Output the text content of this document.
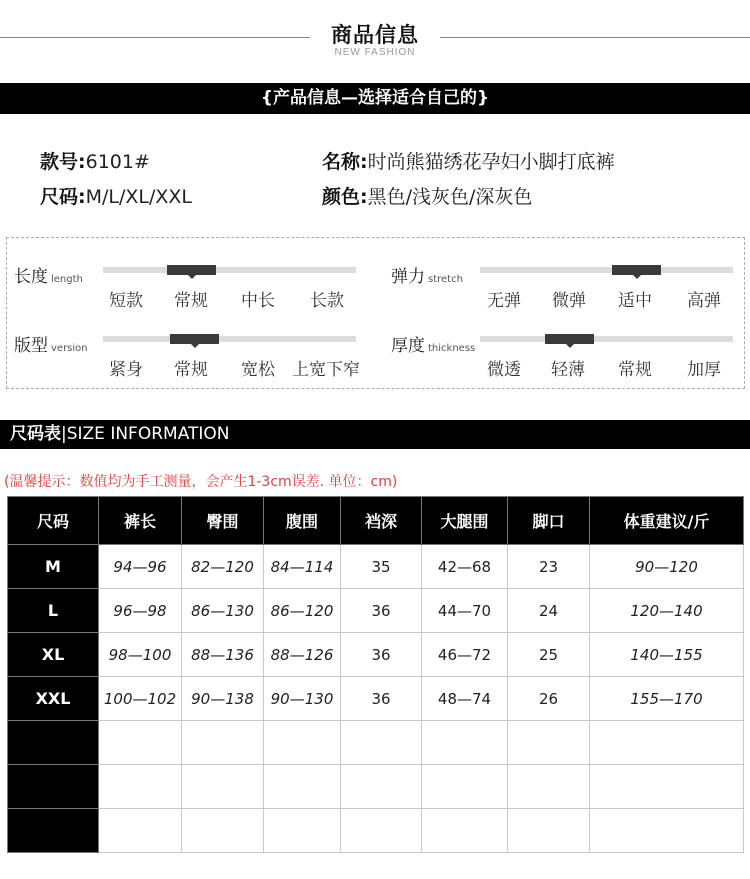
商品信息
NEW FASHION
{产品信息—选择适合自己的}
款号:6101#	名称:时尚熊猫绣花孕妇小脚打底裤
尺码:M/L/XL/XXL	颜色:黑色/浅灰色/深灰色
长度 length
短款 常规 中长 长款
弹力 stretch
无弹 微弹 适中 高弹
版型 version
紧身 常规 宽松 上宽下窄
厚度 thickness
微透 轻薄 常规 加厚
尺码表|SIZE INFORMATION
(温馨提示：数值均为手工测量，会产生1-3cm误差. 单位：cm)
尺码	裤长	臀围	腹围	裆深	大腿围	脚口	体重建议/斤
M	94—96	82—120	84—114	35	42—68	23	90—120
L	96—98	86—130	86—120	36	44—70	24	120—140
XL	98—100	88—136	88—126	36	46—72	25	140—155
XXL	100—102	90—138	90—130	36	48—74	26	155—170
